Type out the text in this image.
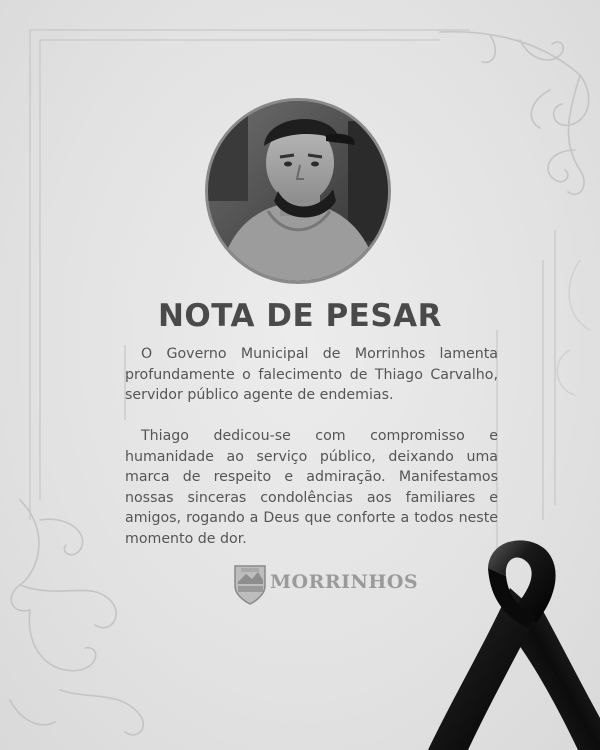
NOTA DE PESAR

O Governo Municipal de Morrinhos lamenta profundamente o falecimento de Thiago Carvalho, servidor público agente de endemias.

Thiago dedicou-se com compromisso e humanidade ao serviço público, deixando uma marca de respeito e admiração. Manifestamos nossas sinceras condolências aos familiares e amigos, rogando a Deus que conforte a todos neste momento de dor.

MORRINHOS
